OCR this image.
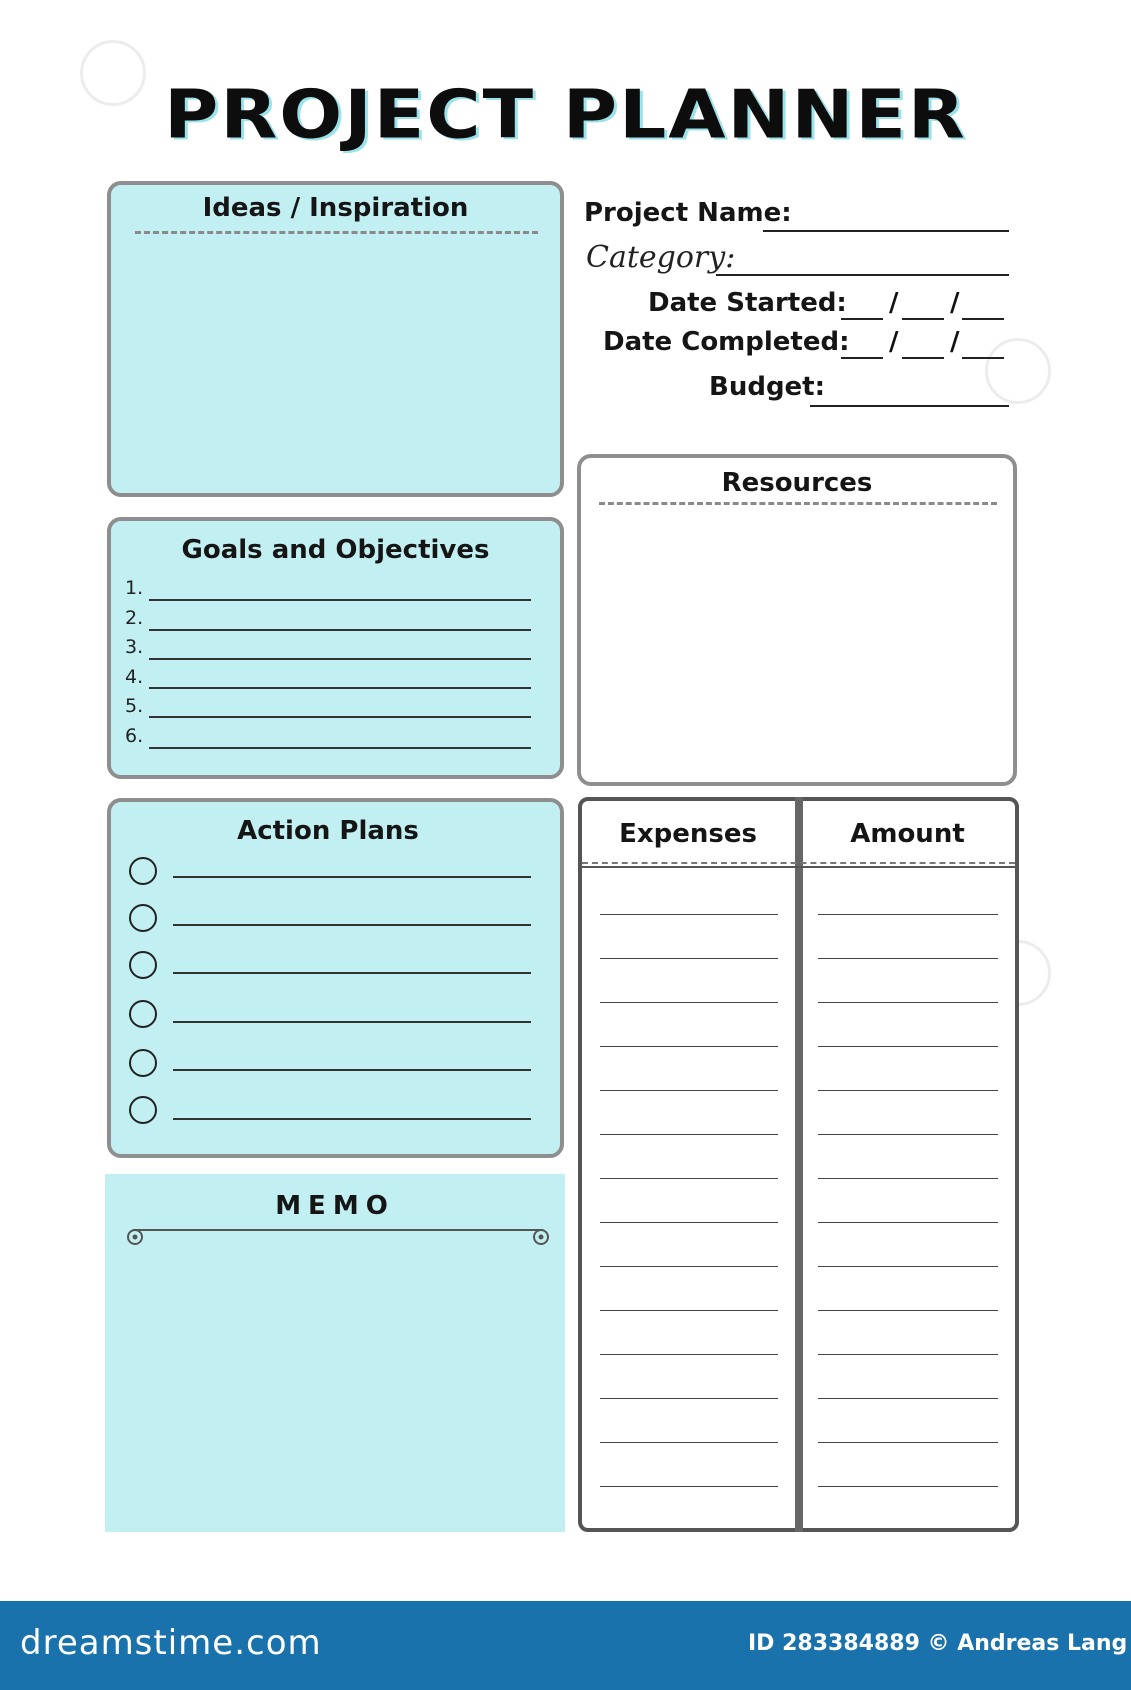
PROJECT PLANNER
Ideas / Inspiration
Goals and Objectives
1.
2.
3.
4.
5.
6.
Action Plans
MEMO
Project Name:
Category:
Date Started: / /
Date Completed: / /
Budget:
Resources
Expenses	Amount
dreamstime.com	ID 283384889 © Andreas Lang
